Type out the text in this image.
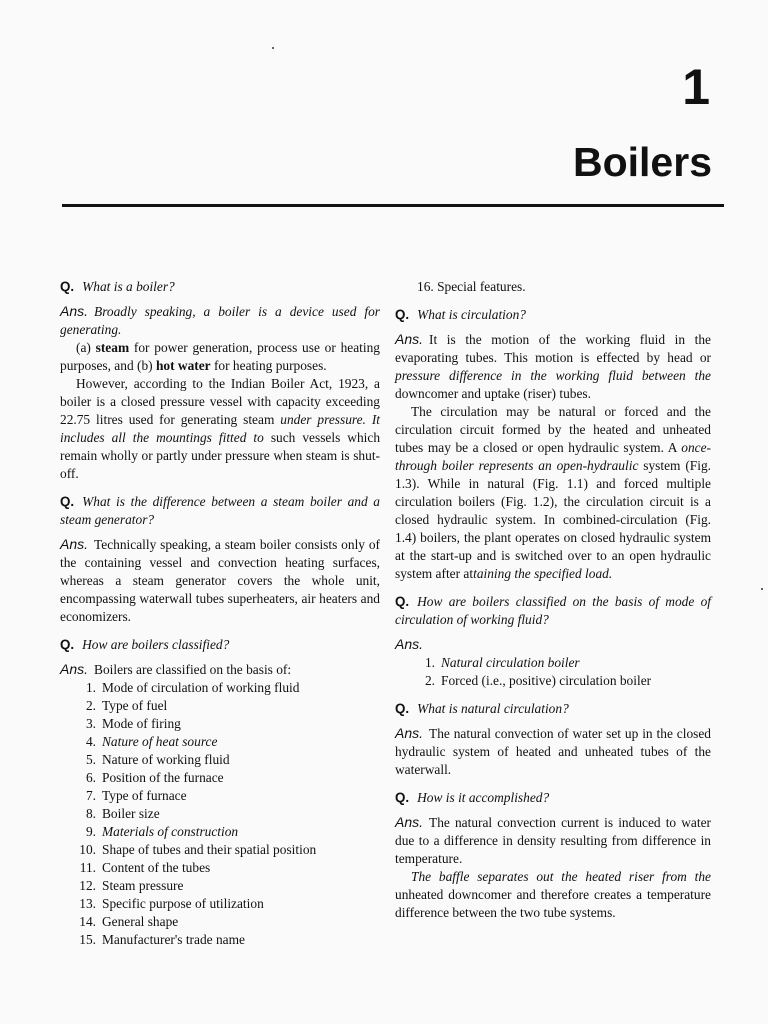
1
Boilers

Q. What is a boiler?

Ans. Broadly speaking, a boiler is a device used for generating.

(a) steam for power generation, process use or heating purposes, and (b) hot water for heating purposes.

However, according to the Indian Boiler Act, 1923, a boiler is a closed pressure vessel with capacity exceeding 22.75 litres used for generating steam under pressure. It includes all the mountings fitted to such vessels which remain wholly or partly under pressure when steam is shut-off.

Q. What is the difference between a steam boiler and a steam generator?

Ans. Technically speaking, a steam boiler consists only of the containing vessel and convection heating surfaces, whereas a steam generator covers the whole unit, encompassing waterwall tubes superheaters, air heaters and economizers.

Q. How are boilers classified?

Ans. Boilers are classified on the basis of:

1. Mode of circulation of working fluid
2. Type of fuel
3. Mode of firing
4. Nature of heat source
5. Nature of working fluid
6. Position of the furnace
7. Type of furnace
8. Boiler size
9. Materials of construction
10. Shape of tubes and their spatial position
11. Content of the tubes
12. Steam pressure
13. Specific purpose of utilization
14. General shape
15. Manufacturer's trade name

16. Special features.

Q. What is circulation?

Ans. It is the motion of the working fluid in the evaporating tubes. This motion is effected by head or pressure difference in the working fluid between the downcomer and uptake (riser) tubes.

The circulation may be natural or forced and the circulation circuit formed by the heated and unheated tubes may be a closed or open hydraulic system. A once-through boiler represents an open-hydraulic system (Fig. 1.3). While in natural (Fig. 1.1) and forced multiple circulation boilers (Fig. 1.2), the circulation circuit is a closed hydraulic system. In combined-circulation (Fig. 1.4) boilers, the plant operates on closed hydraulic system at the start-up and is switched over to an open hydraulic system after attaining the specified load.

Q. How are boilers classified on the basis of mode of circulation of working fluid?

Ans.

1. Natural circulation boiler
2. Forced (i.e., positive) circulation boiler

Q. What is natural circulation?

Ans. The natural convection of water set up in the closed hydraulic system of heated and unheated tubes of the waterwall.

Q. How is it accomplished?

Ans. The natural convection current is induced to water due to a difference in density resulting from difference in temperature.

The baffle separates out the heated riser from the unheated downcomer and therefore creates a temperature difference between the two tube systems.
